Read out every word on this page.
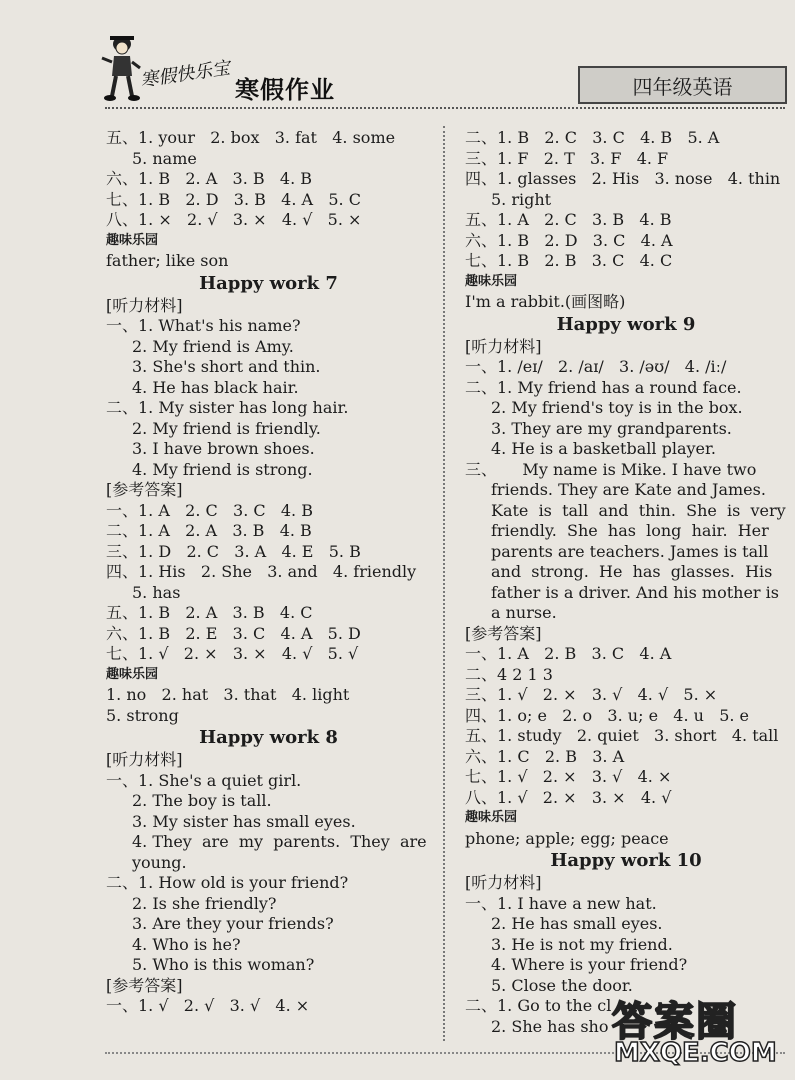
寒假快乐宝 寒假作业	四年级英语
五、1. your   2. box   3. fat   4. some
5. name
六、1. B   2. A   3. B   4. B
七、1. B   2. D   3. B   4. A   5. C
八、1. ×   2. √   3. ×   4. √   5. ×
趣味乐园
father; like son
Happy work 7
[听力材料]
一、1. What's his name?
2. My friend is Amy.
3. She's short and thin.
4. He has black hair.
二、1. My sister has long hair.
2. My friend is friendly.
3. I have brown shoes.
4. My friend is strong.
[参考答案]
一、1. A   2. C   3. C   4. B
二、1. A   2. A   3. B   4. B
三、1. D   2. C   3. A   4. E   5. B
四、1. His   2. She   3. and   4. friendly
5. has
五、1. B   2. A   3. B   4. C
六、1. B   2. E   3. C   4. A   5. D
七、1. √   2. ×   3. ×   4. √   5. √
趣味乐园
1. no   2. hat   3. that   4. light
5. strong
Happy work 8
[听力材料]
一、1. She's a quiet girl.
2. The boy is tall.
3. My sister has small eyes.
4. They  are  my  parents.  They  are
young.
二、1. How old is your friend?
2. Is she friendly?
3. Are they your friends?
4. Who is he?
5. Who is this woman?
[参考答案]
一、1. √   2. √   3. √   4. ×
二、1. B   2. C   3. C   4. B   5. A
三、1. F   2. T   3. F   4. F
四、1. glasses   2. His   3. nose   4. thin
5. right
五、1. A   2. C   3. B   4. B
六、1. B   2. D   3. C   4. A
七、1. B   2. B   3. C   4. C
趣味乐园
I'm a rabbit.(画图略)
Happy work 9
[听力材料]
一、1. /eɪ/   2. /aɪ/   3. /əʊ/   4. /iː/
二、1. My friend has a round face.
2. My friend's toy is in the box.
3. They are my grandparents.
4. He is a basketball player.
三、     My name is Mike. I have two
friends. They are Kate and James.
Kate  is  tall  and  thin.  She  is  very
friendly.  She  has  long  hair.  Her
parents are teachers. James is tall
and  strong.  He  has  glasses.  His
father is a driver. And his mother is
a nurse.
[参考答案]
一、1. A   2. B   3. C   4. A
二、4 2 1 3
三、1. √   2. ×   3. √   4. √   5. ×
四、1. o; e   2. o   3. u; e   4. u   5. e
五、1. study   2. quiet   3. short   4. tall
六、1. C   2. B   3. A
七、1. √   2. ×   3. √   4. ×
八、1. √   2. ×   3. ×   4. √
趣味乐园
phone; apple; egg; peace
Happy work 10
[听力材料]
一、1. I have a new hat.
2. He has small eyes.
3. He is not my friend.
4. Where is your friend?
5. Close the door.
二、1. Go to the cl
2. She has sho 答案圈
MXQE.COM
